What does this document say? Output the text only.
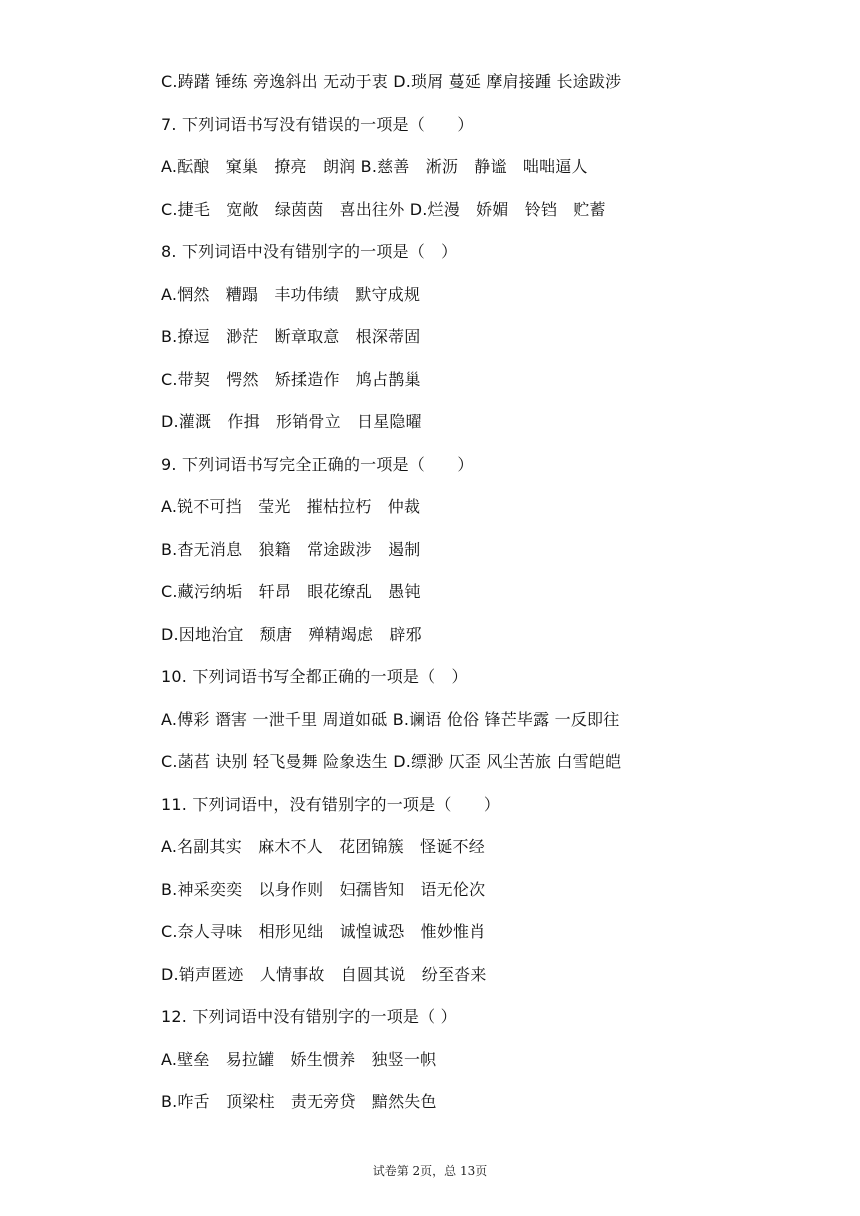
C.踌躇 锤练 旁逸斜出 无动于衷 D.琐屑 蔓延 摩肩接踵 长途跋涉
7. 下列词语书写没有错误的一项是（　　）
A.酝酿　窠巢　撩亮　朗润 B.慈善　淅沥　静谧　咄咄逼人
C.捷毛　宽敞　绿茵茵　喜出往外 D.烂漫　娇媚　铃铛　贮蓄
8. 下列词语中没有错别字的一项是（　）
A.惘然　糟蹋　丰功伟绩　默守成规
B.撩逗　渺茫　断章取意　根深蒂固
C.带契　愕然　矫揉造作　鸠占鹊巢
D.灌溉　作揖　形销骨立　日星隐曜
9. 下列词语书写完全正确的一项是（　　）
A.锐不可挡　莹光　摧枯拉朽　仲裁
B.杳无消息　狼籍　常途跋涉　遏制
C.藏污纳垢　轩昂　眼花缭乱　愚钝
D.因地治宜　颓唐　殚精竭虑　辟邪
10. 下列词语书写全都正确的一项是（　）
A.傅彩 谮害 一泄千里 周道如砥 B.谰语 伧俗 锋芒毕露 一反即往
C.菡萏 诀别 轻飞曼舞 险象迭生 D.缥渺 仄歪 风尘苦旅 白雪皑皑
11. 下列词语中，没有错别字的一项是（　　）
A.名副其实　麻木不人　花团锦簇　怪诞不经
B.神采奕奕　以身作则　妇孺皆知　语无伦次
C.奈人寻味　相形见绌　诚惶诚恐　惟妙惟肖
D.销声匿迹　人情事故　自圆其说　纷至沓来
12. 下列词语中没有错别字的一项是（ ）
A.壁垒　易拉罐　娇生惯养　独竖一帜
B.咋舌　顶梁柱　责无旁贷　黯然失色
试卷第 2页，总 13页
